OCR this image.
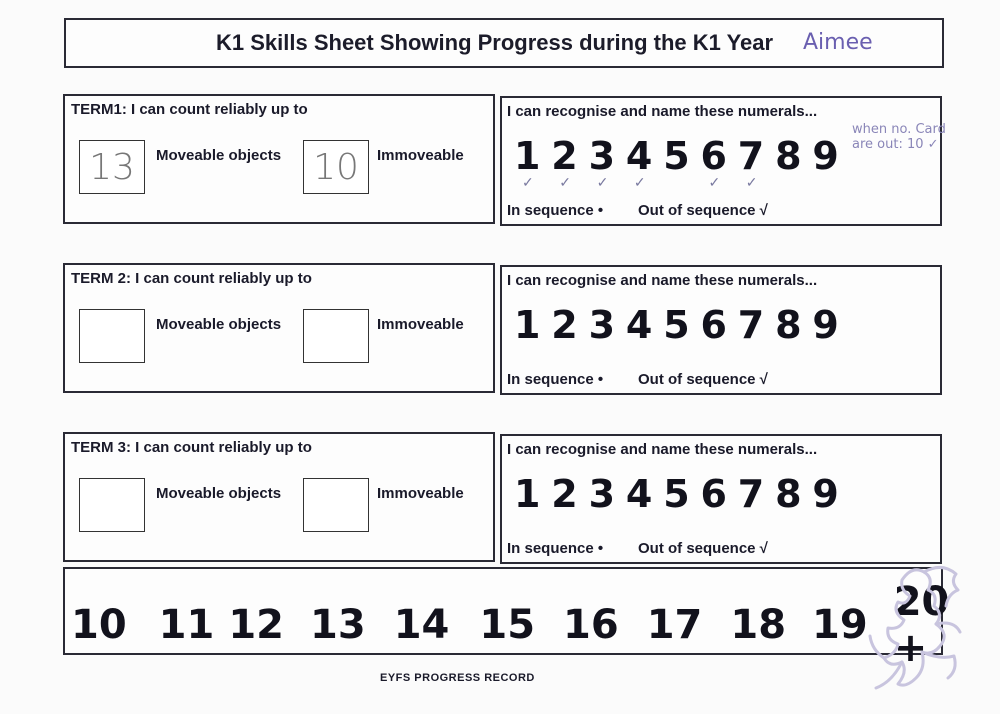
K1 Skills Sheet Showing Progress during the K1 Year Aimee
TERM1: I can count reliably up to
13	Moveable objects 10	Immoveable
I can recognise and name these numerals...
1 2 3 4 5 6 7 8 9
✓	✓	✓	✓	✓	✓
In sequence • Out of sequence √
when no. Card are out: 10 ✓
TERM 2: I can count reliably up to
Moveable objects	Immoveable
I can recognise and name these numerals...
1 2 3 4 5 6 7 8 9
In sequence • Out of sequence √
TERM 3: I can count reliably up to
Moveable objects	Immoveable
I can recognise and name these numerals...
1 2 3 4 5 6 7 8 9
In sequence • Out of sequence √
10 11 12 13 14 15 16 17 18 19 20 +
EYFS PROGRESS RECORD
